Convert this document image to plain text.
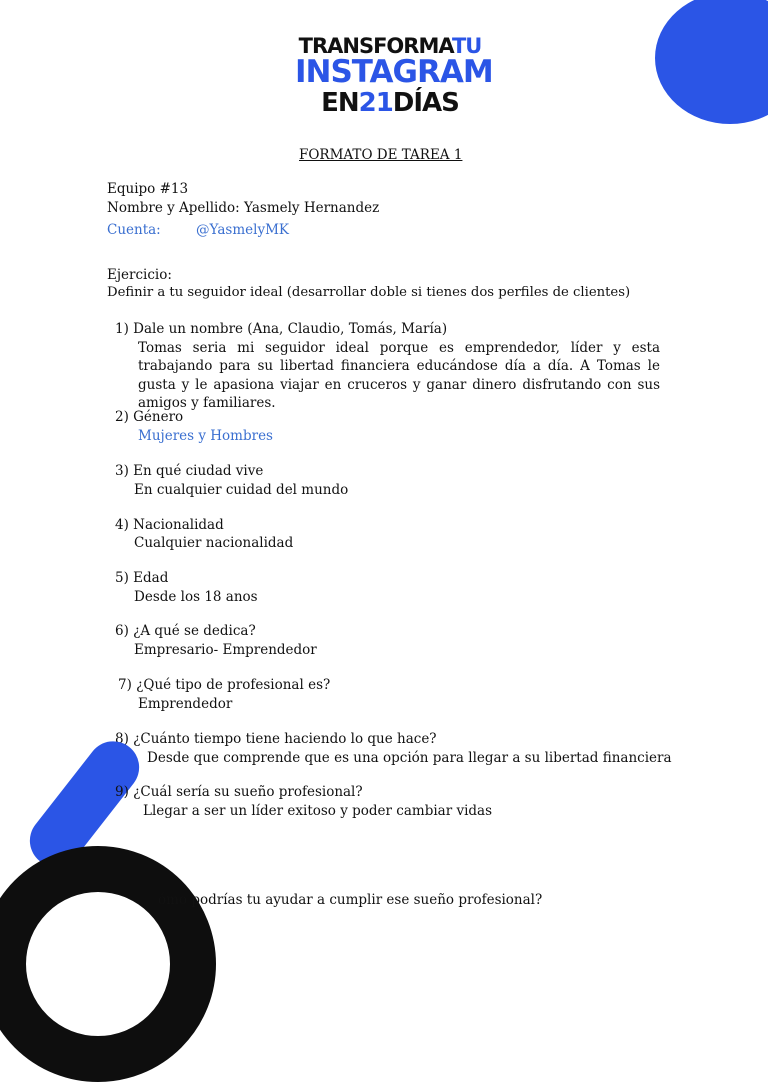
TRANSFORMATU
INSTAGRAM
EN21DÍAS
FORMATO DE TAREA 1
Equipo #13
Nombre y Apellido: Yasmely Hernandez
Cuenta:	@YasmelyMK
Ejercicio:
Definir a tu seguidor ideal (desarrollar doble si tienes dos perfiles de clientes)
1) Dale un nombre (Ana, Claudio, Tomás, María)
Tomas seria mi seguidor ideal porque es emprendedor, líder y esta trabajando para su libertad financiera educándose día a día. A Tomas le gusta y le apasiona viajar en cruceros y ganar dinero disfrutando con sus amigos y familiares.
2) Género
Mujeres y Hombres
3) En qué ciudad vive
En cualquier cuidad del mundo
4) Nacionalidad
Cualquier nacionalidad
5) Edad
Desde los 18 anos
6) ¿A qué se dedica?
Empresario- Emprendedor
7) ¿Qué tipo de profesional es?
Emprendedor
8) ¿Cuánto tiempo tiene haciendo lo que hace?
Desde que comprende que es una opción para llegar a su libertad financiera
9) ¿Cuál sería su sueño profesional?
Llegar a ser un líder exitoso y poder cambiar vidas
ómo podrías tu ayudar a cumplir ese sueño profesional?
